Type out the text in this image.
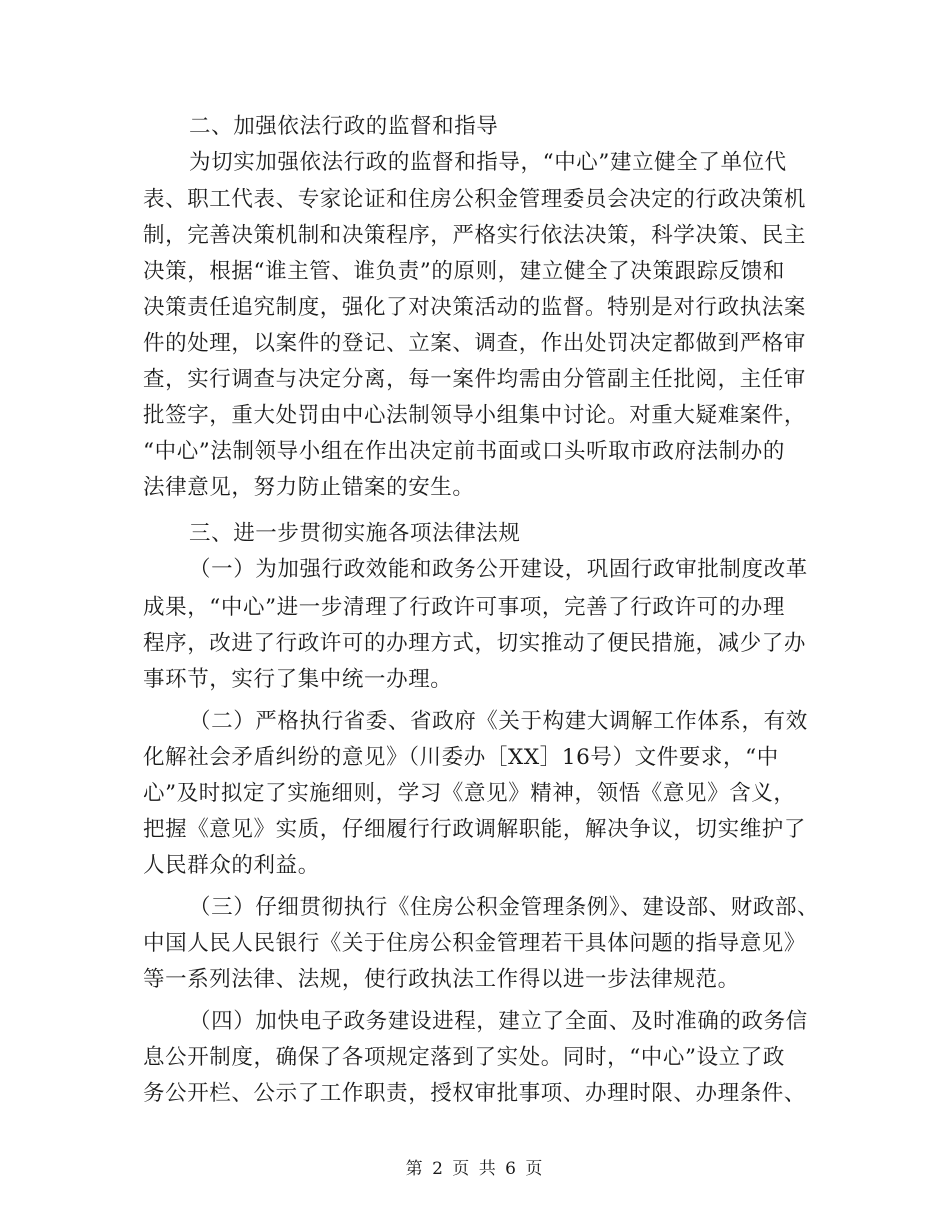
二、加强依法行政的监督和指导
为切实加强依法行政的监督和指导，“中心”建立健全了单位代
表、职工代表、专家论证和住房公积金管理委员会决定的行政决策机
制，完善决策机制和决策程序，严格实行依法决策，科学决策、民主
决策，根据“谁主管、谁负责”的原则，建立健全了决策跟踪反馈和
决策责任追究制度，强化了对决策活动的监督。特别是对行政执法案
件的处理，以案件的登记、立案、调查，作出处罚决定都做到严格审
查，实行调查与决定分离，每一案件均需由分管副主任批阅，主任审
批签字，重大处罚由中心法制领导小组集中讨论。对重大疑难案件，
“中心”法制领导小组在作出决定前书面或口头听取市政府法制办的
法律意见，努力防止错案的安生。
三、进一步贯彻实施各项法律法规
（一）为加强行政效能和政务公开建设，巩固行政审批制度改革
成果，“中心”进一步清理了行政许可事项，完善了行政许可的办理
程序，改进了行政许可的办理方式，切实推动了便民措施，减少了办
事环节，实行了集中统一办理。
（二）严格执行省委、省政府《关于构建大调解工作体系，有效
化解社会矛盾纠纷的意见》（川委办［XX］16号）文件要求，“中
心”及时拟定了实施细则，学习《意见》精神，领悟《意见》含义，
把握《意见》实质，仔细履行行政调解职能，解决争议，切实维护了
人民群众的利益。
（三）仔细贯彻执行《住房公积金管理条例》、建设部、财政部、
中国人民人民银行《关于住房公积金管理若干具体问题的指导意见》
等一系列法律、法规，使行政执法工作得以进一步法律规范。
（四）加快电子政务建设进程，建立了全面、及时准确的政务信
息公开制度，确保了各项规定落到了实处。同时，“中心”设立了政
务公开栏、公示了工作职责，授权审批事项、办理时限、办理条件、
第 2 页 共 6 页
